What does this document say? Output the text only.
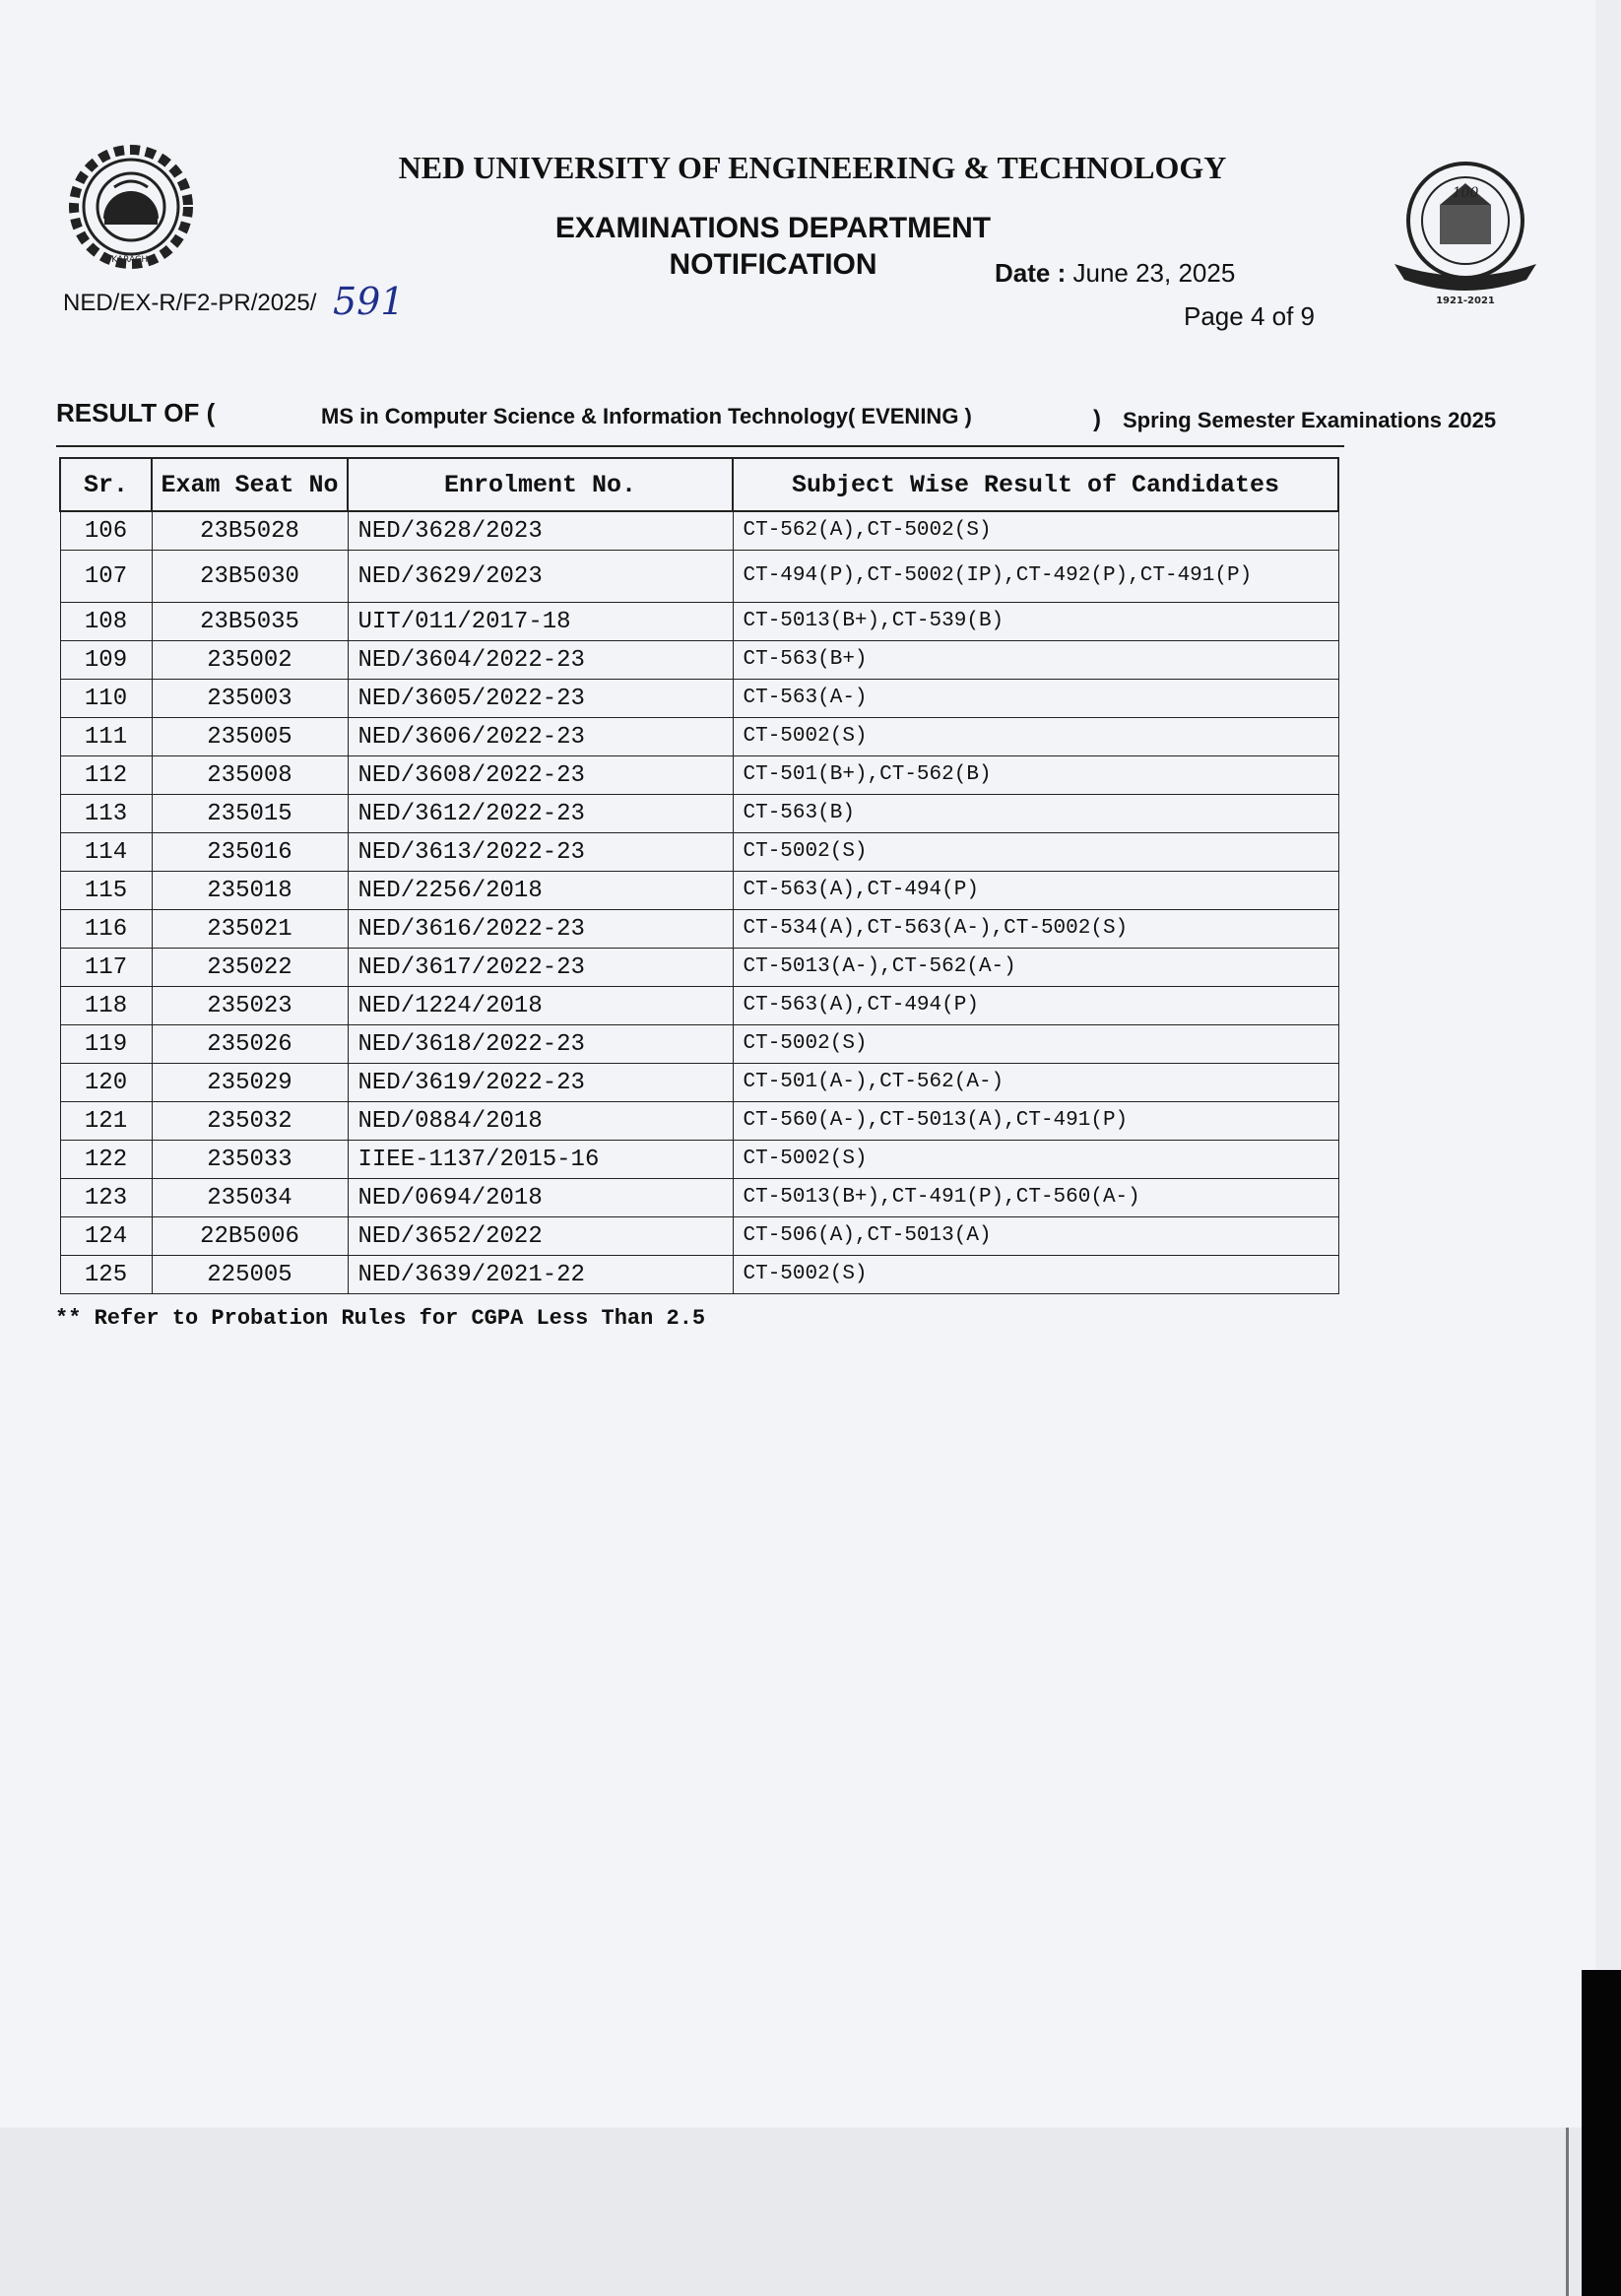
KARACHI
100
1921-2021
NED UNIVERSITY OF ENGINEERING & TECHNOLOGY
EXAMINATIONS DEPARTMENT
NOTIFICATION	Date : June 23, 2025
Page 4 of 9
NED/EX-R/F2-PR/2025/ 591
RESULT OF (	MS in Computer Science & Information Technology( EVENING )	) Spring Semester Examinations 2025
Sr.	Exam Seat No	Enrolment No.	Subject Wise Result of Candidates
106	23B5028	NED/3628/2023	CT-562(A),CT-5002(S)
107	23B5030	NED/3629/2023	CT-494(P),CT-5002(IP),CT-492(P),CT-491(P)
108	23B5035	UIT/011/2017-18	CT-5013(B+),CT-539(B)
109	235002	NED/3604/2022-23	CT-563(B+)
110	235003	NED/3605/2022-23	CT-563(A-)
111	235005	NED/3606/2022-23	CT-5002(S)
112	235008	NED/3608/2022-23	CT-501(B+),CT-562(B)
113	235015	NED/3612/2022-23	CT-563(B)
114	235016	NED/3613/2022-23	CT-5002(S)
115	235018	NED/2256/2018	CT-563(A),CT-494(P)
116	235021	NED/3616/2022-23	CT-534(A),CT-563(A-),CT-5002(S)
117	235022	NED/3617/2022-23	CT-5013(A-),CT-562(A-)
118	235023	NED/1224/2018	CT-563(A),CT-494(P)
119	235026	NED/3618/2022-23	CT-5002(S)
120	235029	NED/3619/2022-23	CT-501(A-),CT-562(A-)
121	235032	NED/0884/2018	CT-560(A-),CT-5013(A),CT-491(P)
122	235033	IIEE-1137/2015-16	CT-5002(S)
123	235034	NED/0694/2018	CT-5013(B+),CT-491(P),CT-560(A-)
124	22B5006	NED/3652/2022	CT-506(A),CT-5013(A)
125	225005	NED/3639/2021-22	CT-5002(S)
** Refer to Probation Rules for CGPA Less Than 2.5
